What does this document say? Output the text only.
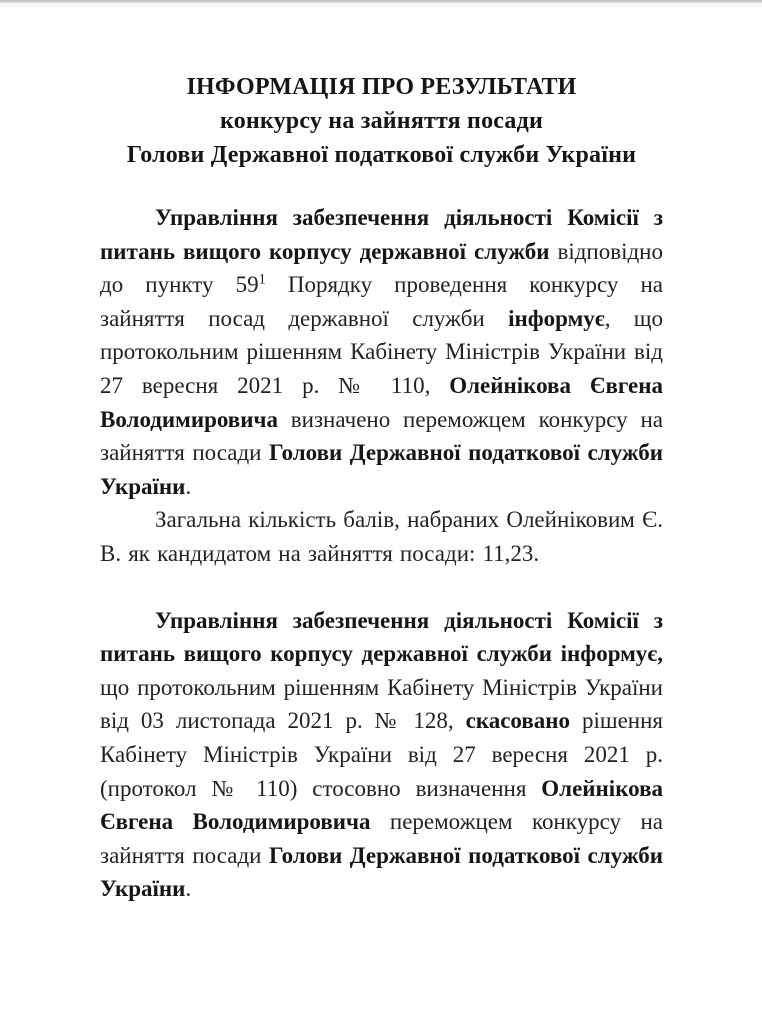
ІНФОРМАЦІЯ ПРО РЕЗУЛЬТАТИ
конкурсу на зайняття посади
Голови Державної податкової служби України

Управління забезпечення діяльності Комісії з питань вищого корпусу державної служби відповідно до пункту $59^1$ Порядку проведення конкурсу на зайняття посад державної служби інформує, що протокольним рішенням Кабінету Міністрів України від 27 вересня 2021 р. № 110, Олейнікова Євгена Володимировича визначено переможцем конкурсу на зайняття посади Голови Державної податкової служби України.

Загальна кількість балів, набраних Олейніковим Є. В. як кандидатом на зайняття посади: 11,23.

Управління забезпечення діяльності Комісії з питань вищого корпусу державної служби інформує, що протокольним рішенням Кабінету Міністрів України від 03 листопада 2021 р. № 128, скасовано рішення Кабінету Міністрів України від 27 вересня 2021 р. (протокол № 110) стосовно визначення Олейнікова Євгена Володимировича переможцем конкурсу на зайняття посади Голови Державної податкової служби України.
